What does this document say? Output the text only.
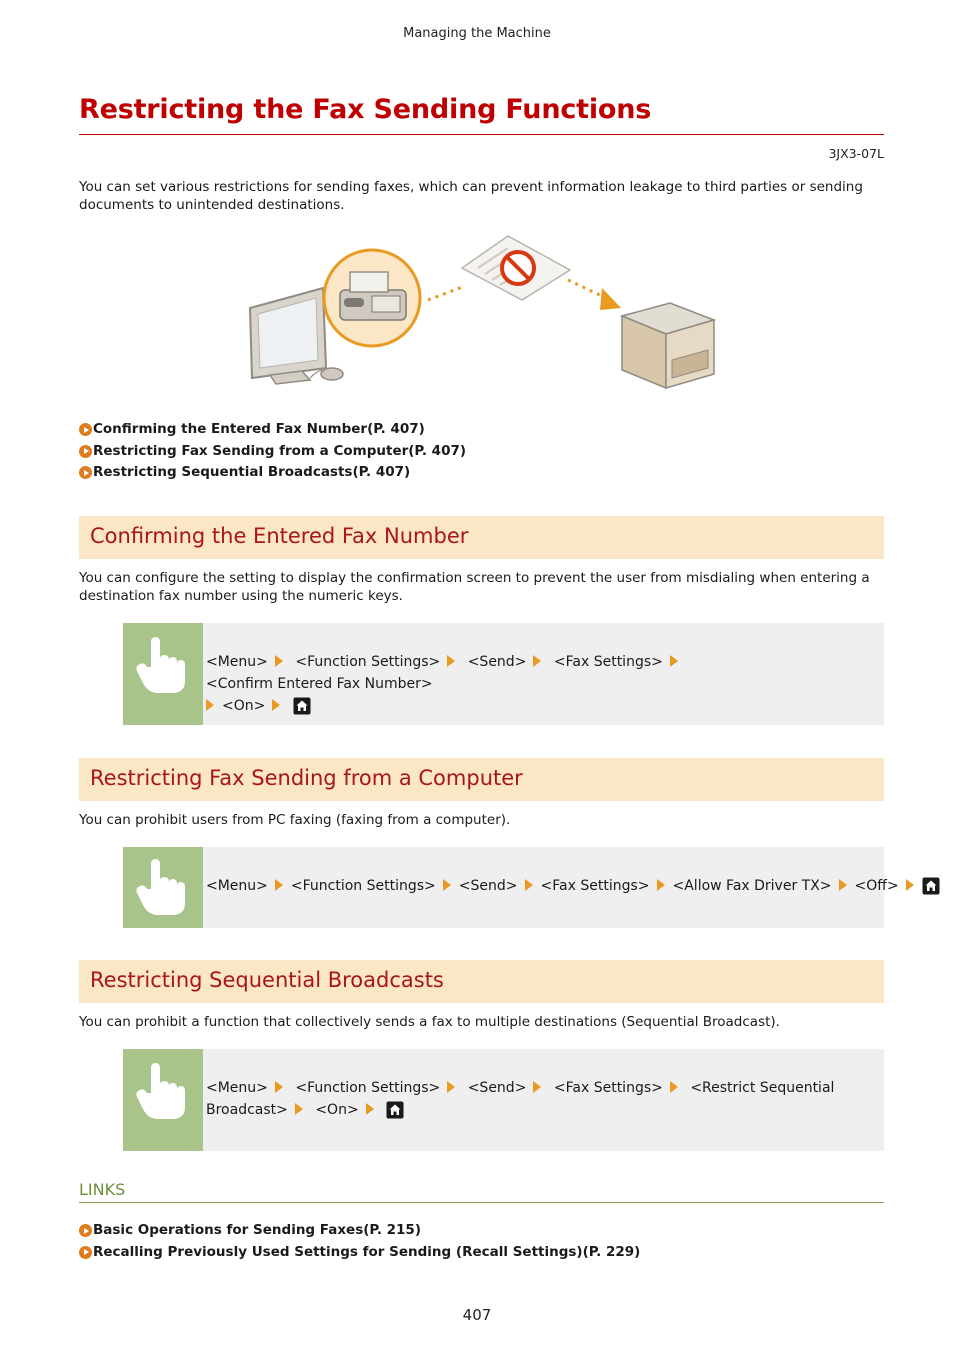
Managing the Machine
Restricting the Fax Sending Functions
3JX3-07L

You can set various restrictions for sending faxes, which can prevent information leakage to third parties or sending documents to unintended destinations.

Confirming the Entered Fax Number(P. 407)
Restricting Fax Sending from a Computer(P. 407)
Restricting Sequential Broadcasts(P. 407)
Confirming the Entered Fax Number

You can configure the setting to display the confirmation screen to prevent the user from misdialing when entering a destination fax number using the numeric keys.

<Menu> <Function Settings> <Send> <Fax Settings> <Confirm Entered Fax Number>
<On>
Restricting Fax Sending from a Computer

You can prohibit users from PC faxing (faxing from a computer).

<Menu> <Function Settings> <Send> <Fax Settings> <Allow Fax Driver TX> <Off>
Restricting Sequential Broadcasts

You can prohibit a function that collectively sends a fax to multiple destinations (Sequential Broadcast).

<Menu> <Function Settings> <Send> <Fax Settings> <Restrict Sequential
Broadcast> <On>
LINKS
Basic Operations for Sending Faxes(P. 215)
Recalling Previously Used Settings for Sending (Recall Settings)(P. 229)
407
